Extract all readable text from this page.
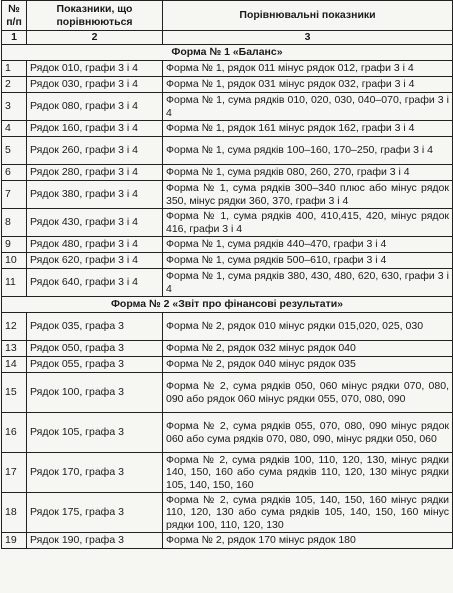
№
п/п	Показники, що порівнюються	Порівнювальні показники
1	2	3
Форма № 1 «Баланс»		
1	Рядок 010, графи 3 і 4	Форма № 1, рядок 011 мінус рядок 012, графи 3 і 4
2	Рядок 030, графи 3 і 4	Форма № 1, рядок 031 мінус рядок 032, графи 3 і 4
3	Рядок 080, графи 3 і 4	Форма № 1, сума рядків 010, 020, 030, 040–070, графи 3 і 4
4	Рядок 160, графи 3 і 4	Форма № 1, рядок 161 мінус рядок 162, графи 3 і 4
5	Рядок 260, графи 3 і 4	Форма № 1, сума рядків 100–160, 170–250, графи 3 і 4
6	Рядок 280, графи 3 і 4	Форма № 1, сума рядків 080, 260, 270, графи 3 і 4
7	Рядок 380, графи 3 і 4	Форма № 1, сума рядків 300–340 плюс або мінус рядок 350, мінус рядки 360, 370, графи 3 і 4
8	Рядок 430, графи 3 і 4	Форма № 1, сума рядків 400, 410,415, 420, мінус рядок 416, графи 3 і 4
9	Рядок 480, графи 3 і 4	Форма № 1, сума рядків 440–470, графи 3 і 4
10	Рядок 620, графи 3 і 4	Форма № 1, сума рядків 500–610, графи 3 і 4
11	Рядок 640, графи 3 і 4	Форма № 1, сума рядків 380, 430, 480, 620, 630, графи 3 і 4
Форма № 2 «Звіт про фінансові результати»		
12	Рядок 035, графа 3	Форма № 2, рядок 010 мінус рядки 015,020, 025, 030
13	Рядок 050, графа 3	Форма № 2, рядок 032 мінус рядок 040
14	Рядок 055, графа 3	Форма № 2, рядок 040 мінус рядок 035
15	Рядок 100, графа 3	Форма № 2, сума рядків 050, 060 мінус рядки 070, 080, 090 або рядок 060 мінус рядки 055, 070, 080, 090
16	Рядок 105, графа 3	Форма № 2, сума рядків 055, 070, 080, 090 мінус рядок 060 або сума рядків 070, 080, 090, мінус рядки 050, 060
17	Рядок 170, графа 3	Форма № 2, сума рядків 100, 110, 120, 130, мінус рядки 140, 150, 160 або сума рядків 110, 120, 130 мінус рядки 105, 140, 150, 160
18	Рядок 175, графа 3	Форма № 2, сума рядків 105, 140, 150, 160 мінус рядки 110, 120, 130 або сума рядків 105, 140, 150, 160 мінус рядки 100, 110, 120, 130
19	Рядок 190, графа 3	Форма № 2, рядок 170 мінус рядок 180
